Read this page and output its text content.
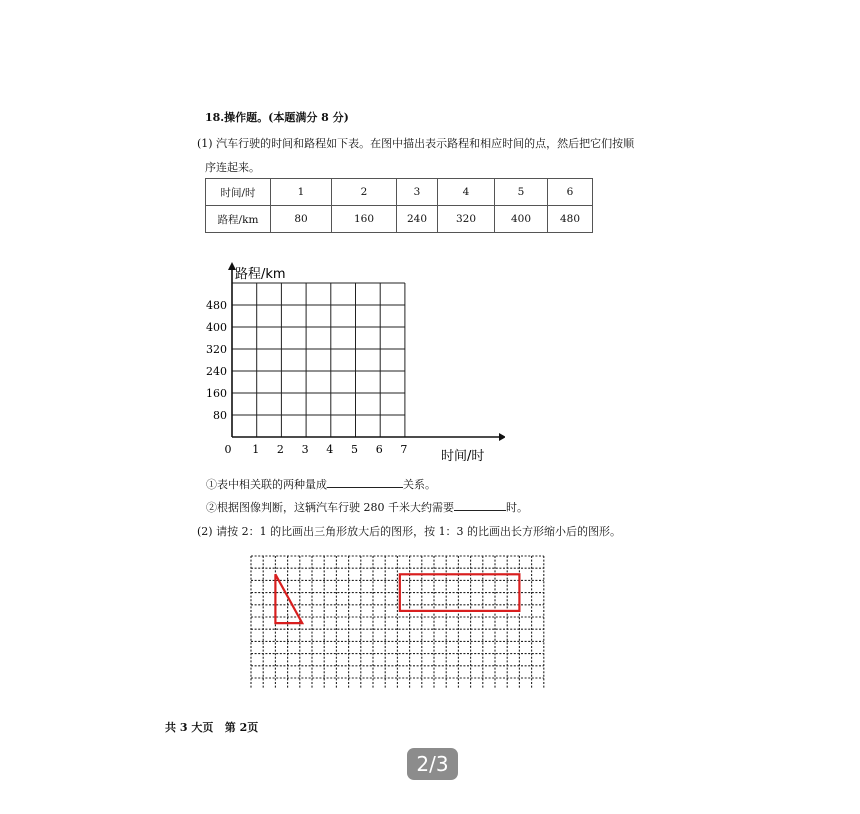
18.操作题。(本题满分 8 分)
(1) 汽车行驶的时间和路程如下表。在图中描出表示路程和相应时间的点，然后把它们按顺
序连起来。
时间/时	1	2	3	4	5	6
路程/km	80	160	240	320	400	480
80
160
240
320
400
480
0 1 2 3 4 5 6 7
路程/km
时间/时
①表中相关联的两种量成	关系。
②根据图像判断，这辆汽车行驶 280 千米大约需要	时。
(2) 请按 2：1 的比画出三角形放大后的图形，按 1：3 的比画出长方形缩小后的图形。
共 3 大页   第 2页
2/3
